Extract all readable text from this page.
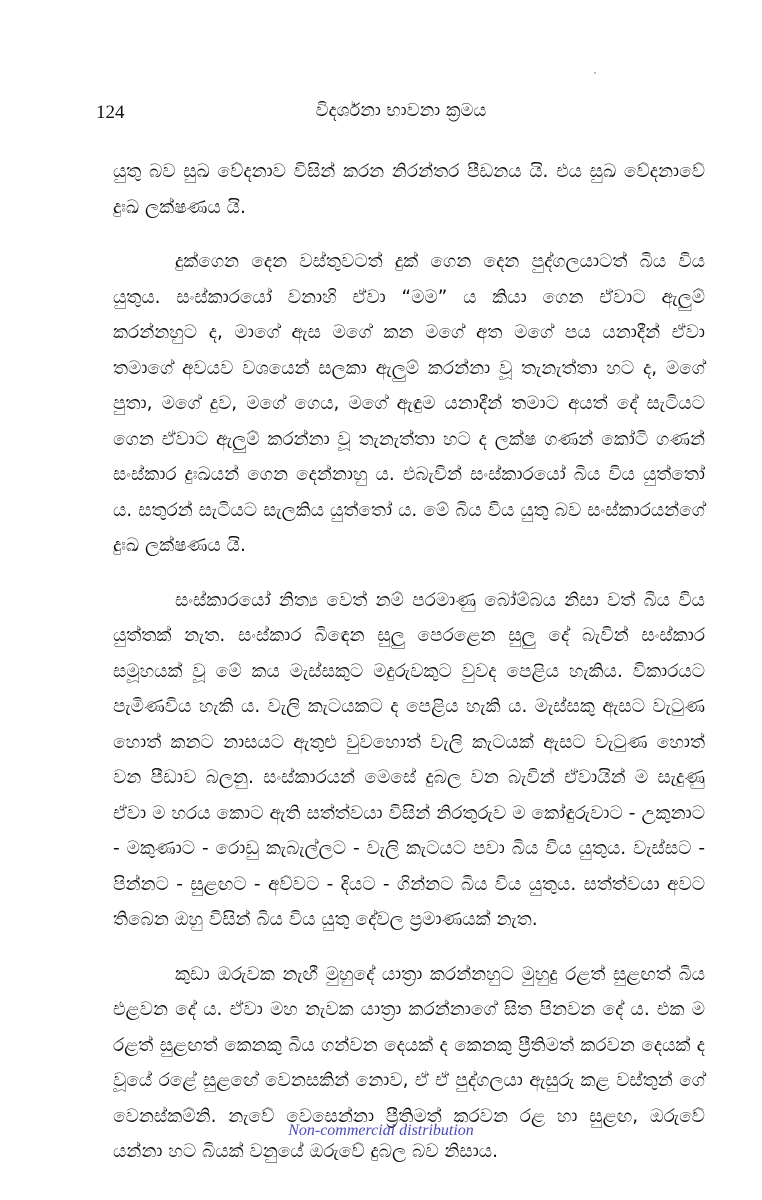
124	විදර්ශනා භාවනා ක්‍රමය

යුතු බව සුඛ වේදනාව විසින් කරන නිරන්තර පීඩනය යි. එය සුඛ වේදනාවේ දුඃඛ ලක්ෂණය යි.

දුක්ගෙන දෙන වස්තුවටත් දුක් ගෙන දෙන පුද්ගලයාටත් බිය විය යුතුය. සංස්කාරයෝ වනාහි ඒවා “මම” ය කියා ගෙන ඒවාට ඇලුම් කරන්නහුට ද, මාගේ ඇස මගේ කන මගේ අත මගේ පය යනාදීන් ඒවා තමාගේ අවයව වශයෙන් සලකා ඇලුම් කරන්නා වූ තැනැත්තා හට ද, මගේ පුතා, මගේ දුව, මගේ ගෙය, මගේ ඇඳුම යනාදීන් තමාට අයත් දේ සැටියට ගෙන ඒවාට ඇලුම් කරන්නා වූ තැනැත්තා හට ද ලක්ෂ ගණන් කෝටි ගණන් සංස්කාර දුඃඛයන් ගෙන දෙන්නාහු ය. එබැවින් සංස්කාරයෝ බිය විය යුත්තෝ ය. සතුරන් සැටියට සැලකිය යුත්තෝ ය. මේ බිය විය යුතු බව සංස්කාරයන්ගේ දුඃඛ ලක්ෂණය යි.

සංස්කාරයෝ නිත්‍ය වෙත් නම් පරමාණු බෝම්බය නිසා වත් බිය විය යුත්තක් නැත. සංස්කාර බිඳෙන සුලු පෙරළෙන සුලු දේ බැවින් සංස්කාර සමූහයක් වූ මේ කය මැස්සකුට මදුරුවකුට වුවද පෙළිය හැකිය. විකාරයට පැමිණවිය හැකි ය. වැලි කැටයකට ද පෙළිය හැකි ය. මැස්සකු ඇසට වැටුණ හොත් කනට නාසයට ඇතුළු වුවහොත් වැලි කැටයක් ඇසට වැටුණ හොත් වන පීඩාව බලනු. සංස්කාරයන් මෙසේ දුබල වන බැවින් ඒවායින් ම සැදුණු ඒවා ම හරය කොට ඇති සත්ත්වයා විසින් නිරතුරුව ම කෝඳුරුවාට - උකුනාට - මකුණාට - රොඩු කැබැල්ලට - වැලි කැටයට පවා බිය විය යුතුය. වැස්සට - පින්නට - සුළඟට - අව්වට - දියට - ගින්නට බිය විය යුතුය. සත්ත්වයා අවට තිබෙන ඔහු විසින් බිය විය යුතු දේවල ප්‍රමාණයක් නැත.

කුඩා ඔරුවක නැඟී මුහුදේ යාත්‍රා කරන්නහුට මුහුදු රළත් සුළඟත් බිය එළවන දේ ය. ඒවා මහ නැවක යාත්‍රා කරන්නාගේ සිත පිනවන දේ ය. එක ම රළත් සුළඟත් කෙනකු බිය ගන්වන දෙයක් ද කෙනකු ප්‍රීතිමත් කරවන දෙයක් ද වූයේ රළේ සුළඟේ වෙනසකින් නොව, ඒ ඒ පුද්ගලයා ඇසුරු කළ වස්තුන් ගේ වෙනස්කම්නි. නැවේ වෙසෙන්නා ප්‍රීතිමත් කරවන රළ හා සුළඟ, ඔරුවේ යන්නා හට බියක් වනුයේ ඔරුවේ දුබල බව නිසාය.

Non-commercial distribution
